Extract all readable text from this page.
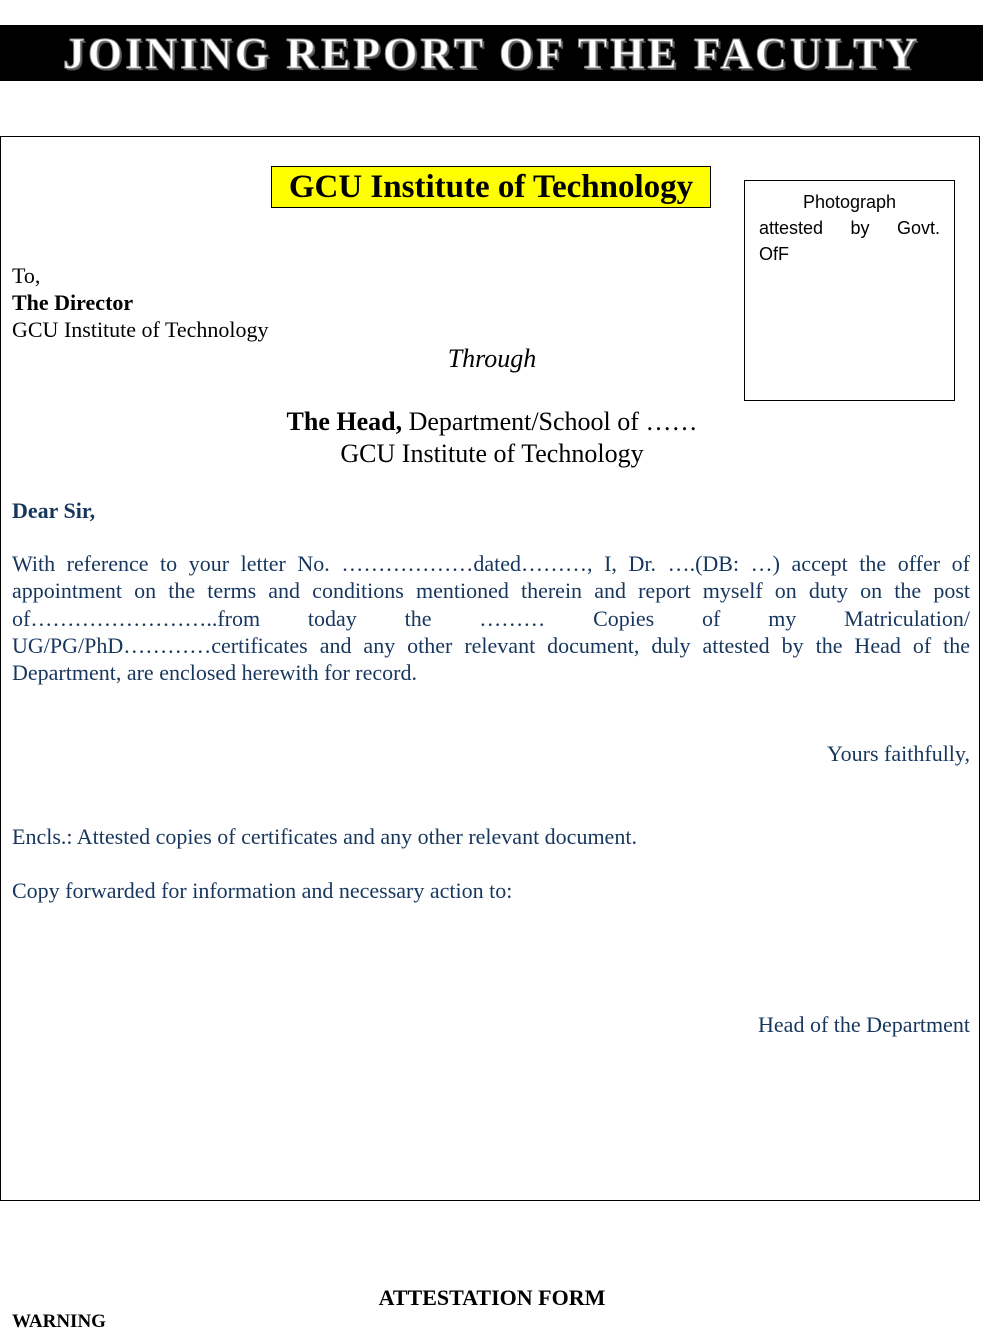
JOINING REPORT OF THE FACULTY
GCU Institute of Technology	Photograph
attested by Govt.
OfF
To,
The Director
GCU Institute of Technology
Through
The Head, Department/School of ……
GCU Institute of Technology
Dear Sir,
With reference to your letter No. ………………dated………, I, Dr. ….(DB: …) accept the offer of
appointment on the terms and conditions mentioned therein and report myself on duty on the post
of……………………..from today the ……… Copies of my Matriculation/
UG/PG/PhD…………certificates and any other relevant document, duly attested by the Head of the
Department, are enclosed herewith for record.
Yours faithfully,
Encls.: Attested copies of certificates and any other relevant document.
Copy forwarded for information and necessary action to:
Head of the Department
ATTESTATION FORM
WARNING
